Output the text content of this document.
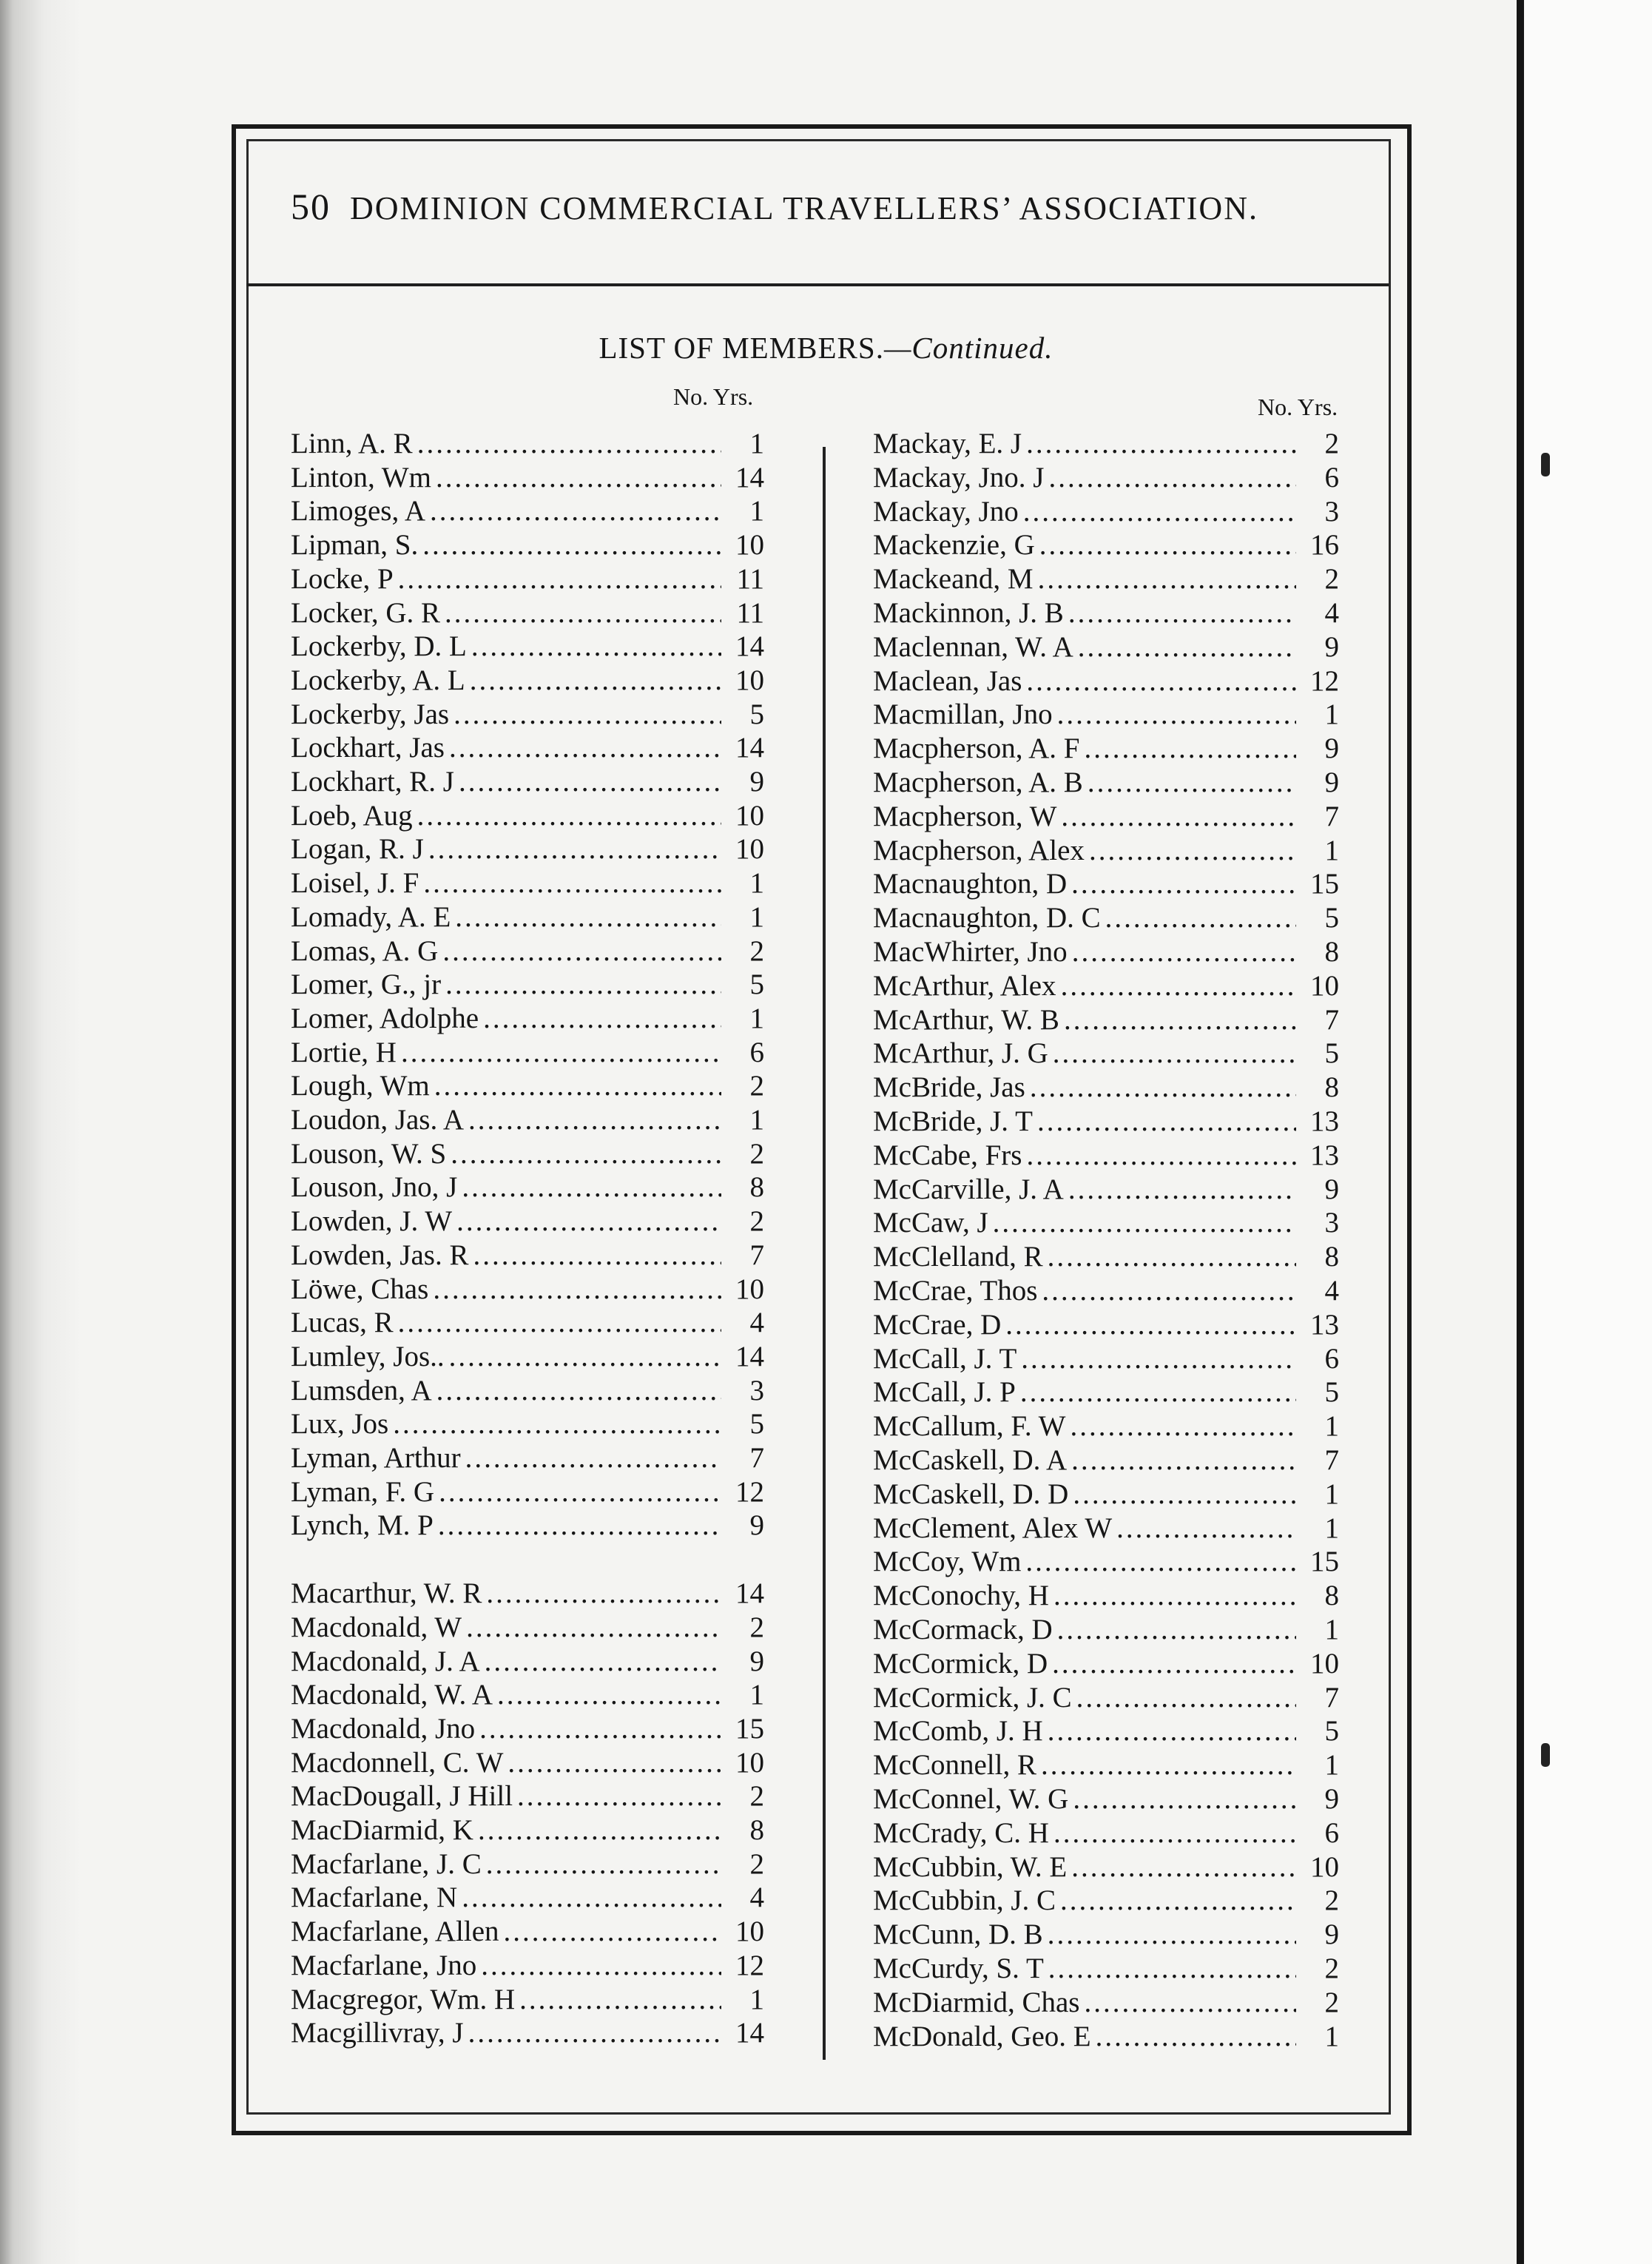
50 DOMINION COMMERCIAL TRAVELLERS’ ASSOCIATION.
LIST OF MEMBERS.—Continued.
No. Yrs.	No. Yrs.
Linn, A. R .....	1
Linton, Wm .....	14
Limoges, A .....	1
Lipman, S. .....	10
Locke, P .....	11
Locker, G. R .....	11
Lockerby, D. L .....	14
Lockerby, A. L .....	10
Lockerby, Jas .....	5
Lockhart, Jas .....	14
Lockhart, R. J .....	9
Loeb, Aug .....	10
Logan, R. J .....	10
Loisel, J. F .....	1
Lomady, A. E .....	1
Lomas, A. G .....	2
Lomer, G., jr .....	5
Lomer, Adolphe .....	1
Lortie, H .....	6
Lough, Wm .....	2
Loudon, Jas. A .....	1
Louson, W. S .....	2
Louson, Jno, J .....	8
Lowden, J. W .....	2
Lowden, Jas. R .....	7
Löwe, Chas .....	10
Lucas, R .....	4
Lumley, Jos.. .....	14
Lumsden, A .....	3
Lux, Jos .....	5
Lyman, Arthur .....	7
Lyman, F. G .....	12
Lynch, M. P .....	9
Macarthur, W. R .....	14
Macdonald, W .....	2
Macdonald, J. A .....	9
Macdonald, W. A .....	1
Macdonald, Jno .....	15
Macdonnell, C. W .....	10
MacDougall, J Hill .....	2
MacDiarmid, K .....	8
Macfarlane, J. C .....	2
Macfarlane, N .....	4
Macfarlane, Allen .....	10
Macfarlane, Jno .....	12
Macgregor, Wm. H .....	1
Macgillivray, J .....	14
Mackay, E. J .....	2
Mackay, Jno. J .....	6
Mackay, Jno .....	3
Mackenzie, G .....	16
Mackeand, M .....	2
Mackinnon, J. B .....	4
Maclennan, W. A .....	9
Maclean, Jas .....	12
Macmillan, Jno .....	1
Macpherson, A. F .....	9
Macpherson, A. B .....	9
Macpherson, W .....	7
Macpherson, Alex .....	1
Macnaughton, D .....	15
Macnaughton, D. C .....	5
MacWhirter, Jno .....	8
McArthur, Alex .....	10
McArthur, W. B .....	7
McArthur, J. G .....	5
McBride, Jas .....	8
McBride, J. T .....	13
McCabe, Frs .....	13
McCarville, J. A .....	9
McCaw, J .....	3
McClelland, R .....	8
McCrae, Thos .....	4
McCrae, D .....	13
McCall, J. T .....	6
McCall, J. P .....	5
McCallum, F. W .....	1
McCaskell, D. A .....	7
McCaskell, D. D .....	1
McClement, Alex W .....	1
McCoy, Wm .....	15
McConochy, H .....	8
McCormack, D .....	1
McCormick, D .....	10
McCormick, J. C .....	7
McComb, J. H .....	5
McConnell, R .....	1
McConnel, W. G .....	9
McCrady, C. H .....	6
McCubbin, W. E .....	10
McCubbin, J. C .....	2
McCunn, D. B .....	9
McCurdy, S. T .....	2
McDiarmid, Chas .....	2
McDonald, Geo. E .....	1
